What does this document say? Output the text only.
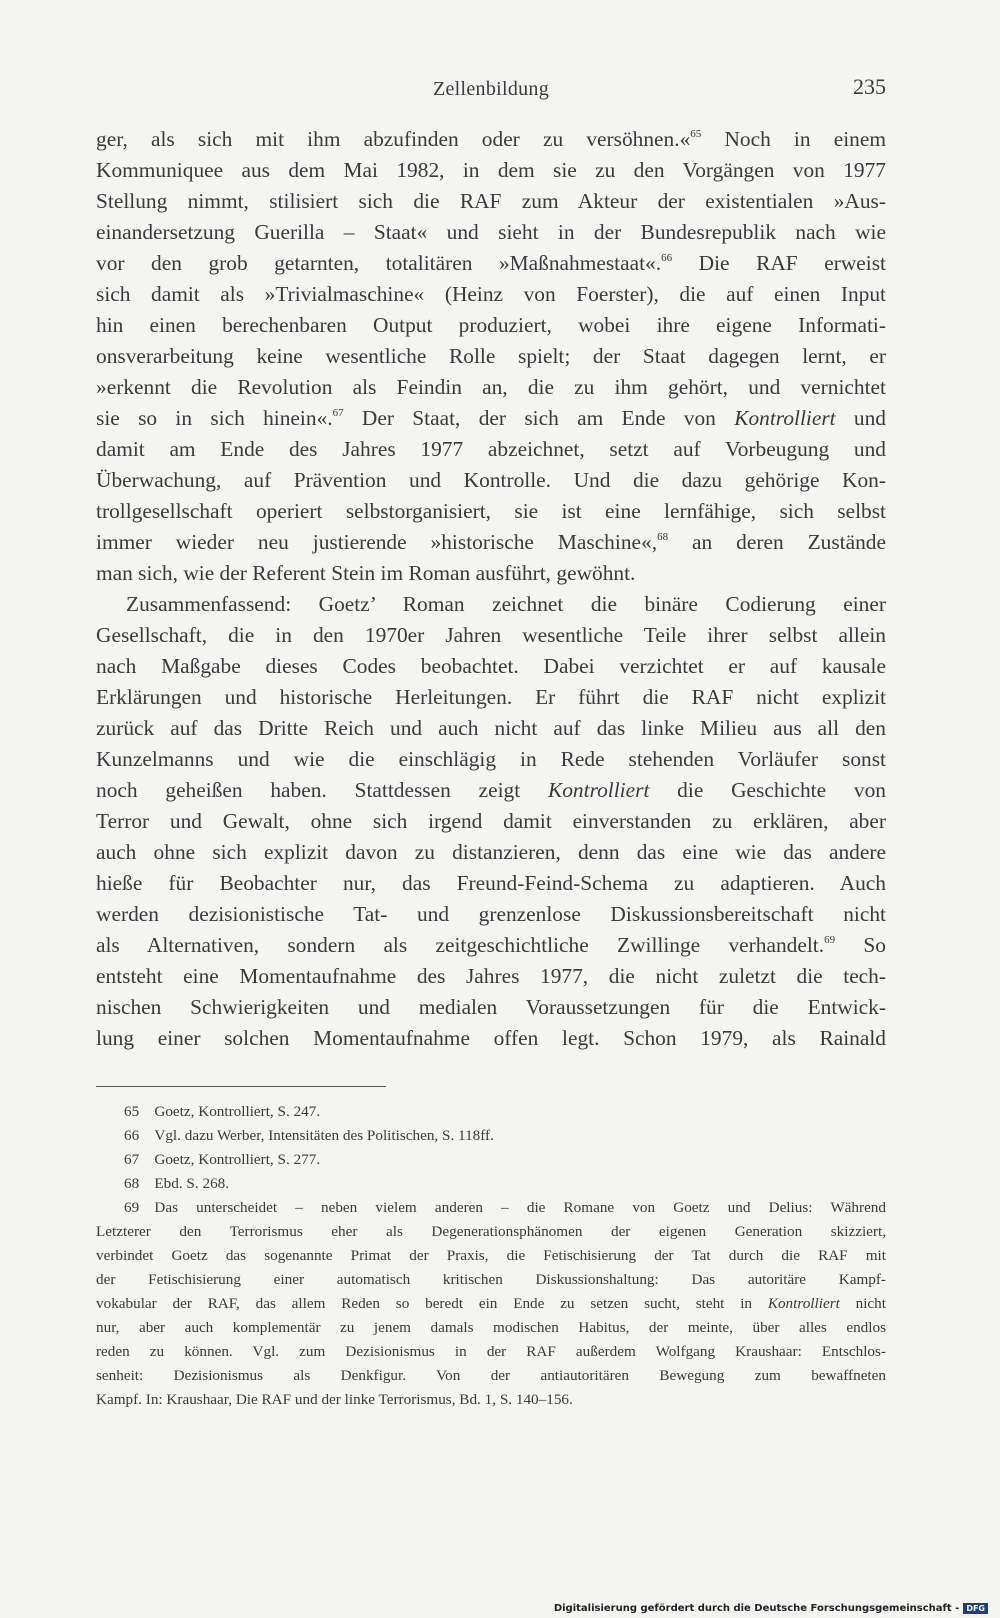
Zellenbildung	235
ger, als sich mit ihm abzufinden oder zu versöhnen.«$^{65}$ Noch in einem
Kommuniquee aus dem Mai 1982, in dem sie zu den Vorgängen von 1977
Stellung nimmt, stilisiert sich die RAF zum Akteur der existentialen »Aus-
einandersetzung Guerilla – Staat« und sieht in der Bundesrepublik nach wie
vor den grob getarnten, totalitären »Maßnahmestaat«.$^{66}$ Die RAF erweist
sich damit als »Trivialmaschine« (Heinz von Foerster), die auf einen Input
hin einen berechenbaren Output produziert, wobei ihre eigene Informati-
onsverarbeitung keine wesentliche Rolle spielt; der Staat dagegen lernt, er
»erkennt die Revolution als Feindin an, die zu ihm gehört, und vernichtet
sie so in sich hinein«.$^{67}$ Der Staat, der sich am Ende von Kontrolliert und
damit am Ende des Jahres 1977 abzeichnet, setzt auf Vorbeugung und
Überwachung, auf Prävention und Kontrolle. Und die dazu gehörige Kon-
trollgesellschaft operiert selbstorganisiert, sie ist eine lernfähige, sich selbst
immer wieder neu justierende »historische Maschine«,$^{68}$ an deren Zustände
man sich, wie der Referent Stein im Roman ausführt, gewöhnt.
Zusammenfassend: Goetz’ Roman zeichnet die binäre Codierung einer
Gesellschaft, die in den 1970er Jahren wesentliche Teile ihrer selbst allein
nach Maßgabe dieses Codes beobachtet. Dabei verzichtet er auf kausale
Erklärungen und historische Herleitungen. Er führt die RAF nicht explizit
zurück auf das Dritte Reich und auch nicht auf das linke Milieu aus all den
Kunzelmanns und wie die einschlägig in Rede stehenden Vorläufer sonst
noch geheißen haben. Stattdessen zeigt Kontrolliert die Geschichte von
Terror und Gewalt, ohne sich irgend damit einverstanden zu erklären, aber
auch ohne sich explizit davon zu distanzieren, denn das eine wie das andere
hieße für Beobachter nur, das Freund-Feind-Schema zu adaptieren. Auch
werden dezisionistische Tat- und grenzenlose Diskussionsbereitschaft nicht
als Alternativen, sondern als zeitgeschichtliche Zwillinge verhandelt.$^{69}$ So
entsteht eine Momentaufnahme des Jahres 1977, die nicht zuletzt die tech-
nischen Schwierigkeiten und medialen Voraussetzungen für die Entwick-
lung einer solchen Momentaufnahme offen legt. Schon 1979, als Rainald
65 Goetz, Kontrolliert, S. 247.
66 Vgl. dazu Werber, Intensitäten des Politischen, S. 118ff.
67 Goetz, Kontrolliert, S. 277.
68 Ebd. S. 268.
69 Das unterscheidet – neben vielem anderen – die Romane von Goetz und Delius: Während
Letzterer den Terrorismus eher als Degenerationsphänomen der eigenen Generation skizziert,
verbindet Goetz das sogenannte Primat der Praxis, die Fetischisierung der Tat durch die RAF mit
der Fetischisierung einer automatisch kritischen Diskussionshaltung: Das autoritäre Kampf-
vokabular der RAF, das allem Reden so beredt ein Ende zu setzen sucht, steht in Kontrolliert nicht
nur, aber auch komplementär zu jenem damals modischen Habitus, der meinte, über alles endlos
reden zu können. Vgl. zum Dezisionismus in der RAF außerdem Wolfgang Kraushaar: Entschlos-
senheit: Dezisionismus als Denkfigur. Von der antiautoritären Bewegung zum bewaffneten
Kampf. In: Kraushaar, Die RAF und der linke Terrorismus, Bd. 1, S. 140–156.
Digitalisierung gefördert durch die Deutsche Forschungsgemeinschaft - DFG
